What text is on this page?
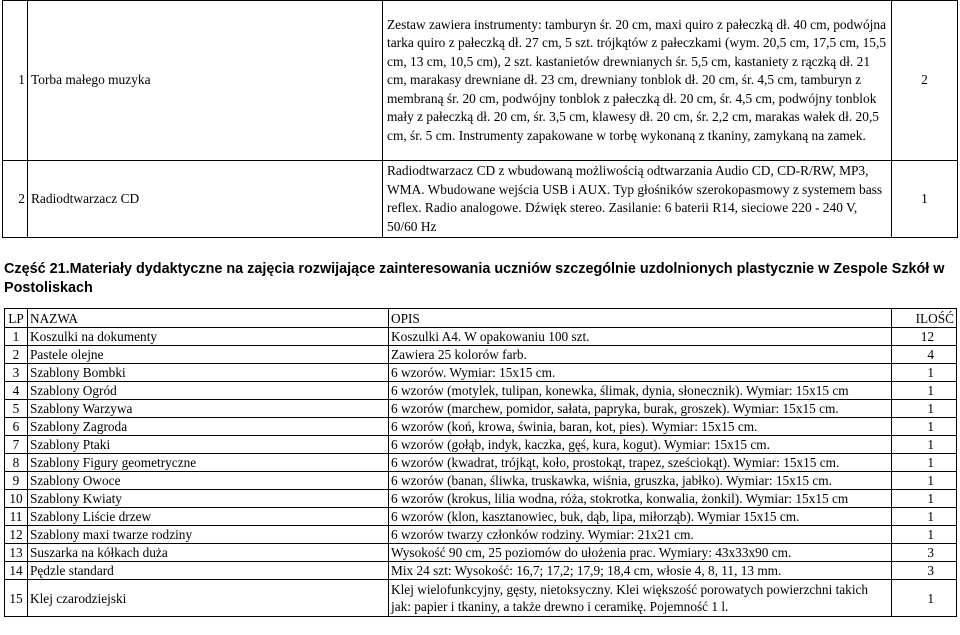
1	Torba małego muzyka	Zestaw zawiera instrumenty: tamburyn śr. 20 cm, maxi quiro z pałeczką dł. 40 cm, podwójna tarka quiro z pałeczką dł. 27 cm, 5 szt. trójkątów z pałeczkami (wym. 20,5 cm, 17,5 cm, 15,5 cm, 13 cm, 10,5 cm), 2 szt. kastanietów drewnianych śr. 5,5 cm, kastaniety z rączką dł. 21 cm, marakasy drewniane dł. 23 cm, drewniany tonblok dł. 20 cm, śr. 4,5 cm, tamburyn z membraną śr. 20 cm, podwójny tonblok z pałeczką dł. 20 cm, śr. 4,5 cm, podwójny tonblok mały z pałeczką dł. 20 cm, śr. 3,5 cm, klawesy dł. 20 cm, śr. 2,2 cm, marakas wałek dł. 20,5 cm, śr. 5 cm. Instrumenty zapakowane w torbę wykonaną z tkaniny, zamykaną na zamek.	2
2	Radiodtwarzacz CD	Radiodtwarzacz CD z wbudowaną możliwością odtwarzania Audio CD, CD-R/RW, MP3, WMA. Wbudowane wejścia USB i AUX. Typ głośników szerokopasmowy z systemem bass reflex. Radio analogowe. Dźwięk stereo. Zasilanie: 6 baterii R14, sieciowe 220 - 240 V, 50/60 Hz	1
Część 21.Materiały dydaktyczne na zajęcia rozwijające zainteresowania uczniów szczególnie uzdolnionych plastycznie w Zespole Szkół w Postoliskach
LP	NAZWA	OPIS	ILOŚĆ
1	Koszulki na dokumenty	Koszulki A4. W opakowaniu 100 szt.	12
2	Pastele olejne	Zawiera 25 kolorów farb.	4
3	Szablony Bombki	6 wzorów. Wymiar: 15x15 cm.	1
4	Szablony Ogród	6 wzorów (motylek, tulipan, konewka, ślimak, dynia, słonecznik). Wymiar: 15x15 cm	1
5	Szablony Warzywa	6 wzorów (marchew, pomidor, sałata, papryka, burak, groszek). Wymiar: 15x15 cm.	1
6	Szablony Zagroda	6 wzorów (koń, krowa, świnia, baran, kot, pies). Wymiar: 15x15 cm.	1
7	Szablony Ptaki	6 wzorów (gołąb, indyk, kaczka, gęś, kura, kogut). Wymiar: 15x15 cm.	1
8	Szablony Figury geometryczne	6 wzorów (kwadrat, trójkąt, koło, prostokąt, trapez, sześciokąt). Wymiar: 15x15 cm.	1
9	Szablony Owoce	6 wzorów (banan, śliwka, truskawka, wiśnia, gruszka, jabłko). Wymiar: 15x15 cm.	1
10	Szablony Kwiaty	6 wzorów (krokus, lilia wodna, róża, stokrotka, konwalia, żonkil). Wymiar: 15x15 cm	1
11	Szablony Liście drzew	6 wzorów (klon, kasztanowiec, buk, dąb, lipa, miłorząb). Wymiar 15x15 cm.	1
12	Szablony maxi twarze rodziny	6 wzorów twarzy członków rodziny. Wymiar: 21x21 cm.	1
13	Suszarka na kółkach duża	Wysokość 90 cm, 25 poziomów do ułożenia prac. Wymiary: 43x33x90 cm.	3
14	Pędzle standard	Mix 24 szt: Wysokość: 16,7; 17,2; 17,9; 18,4 cm, włosie 4, 8, 11, 13 mm.	3
15	Klej czarodziejski	Klej wielofunkcyjny, gęsty, nietoksyczny. Klei większość porowatych powierzchni takich jak: papier i tkaniny, a także drewno i ceramikę. Pojemność 1 l.	1
